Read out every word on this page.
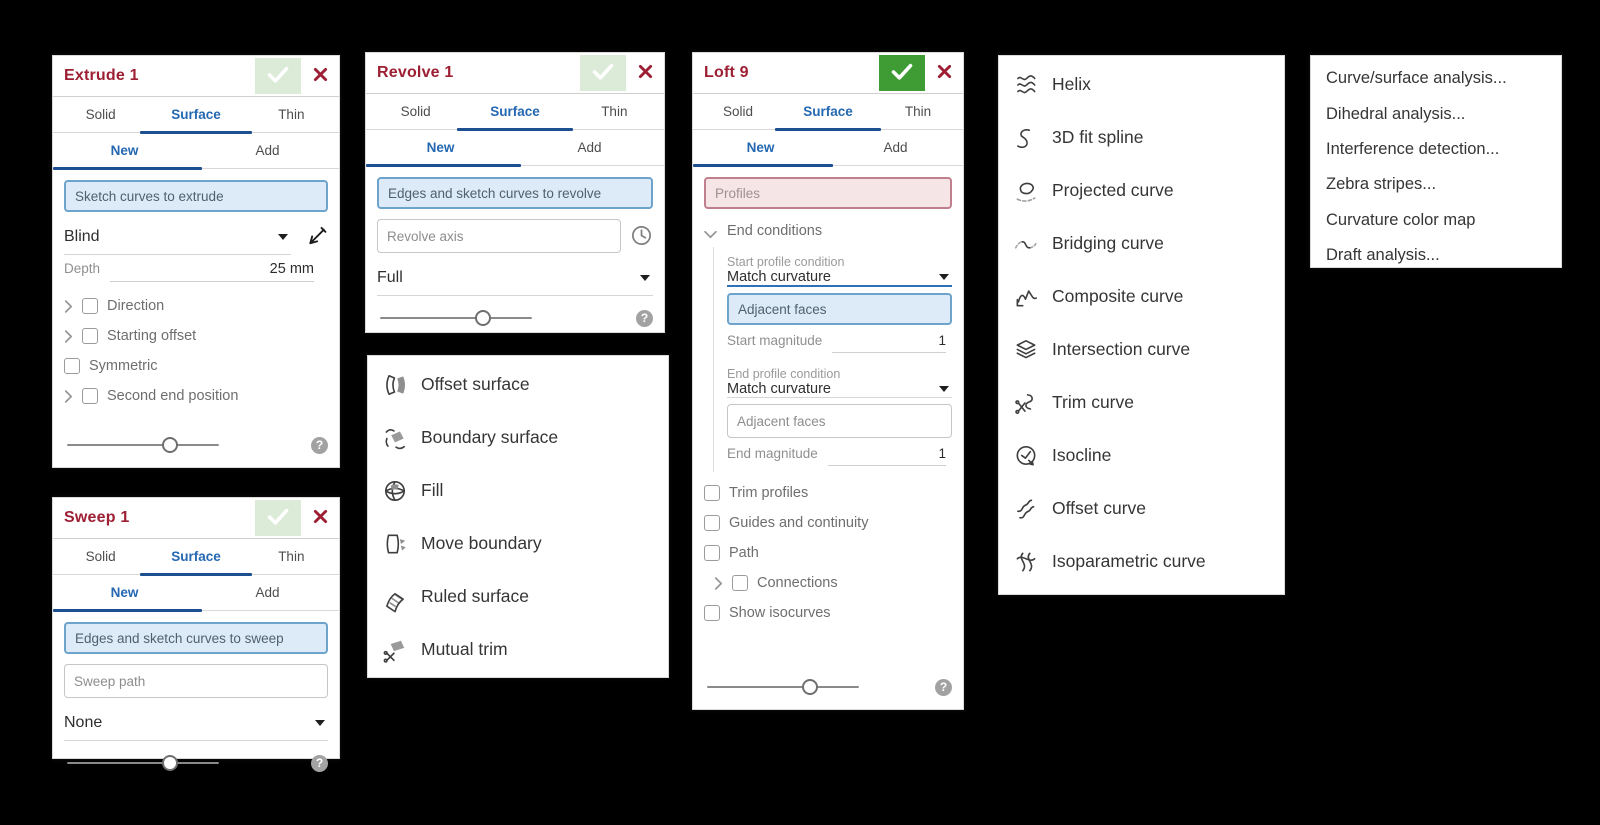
Extrude 1
Solid	Surface	Thin
New	Add
Sketch curves to extrude
Blind
Depth	25 mm
Direction
Starting offset
Symmetric
Second end position
?
Sweep 1
Solid	Surface	Thin
New	Add
Edges and sketch curves to sweep
Sweep path
None
?
Revolve 1
Solid	Surface	Thin
New	Add
Edges and sketch curves to revolve
Revolve axis
Full
?
Offset surface
Boundary surface
Fill
Move boundary
Ruled surface
Mutual trim
Loft 9
Solid	Surface	Thin
New	Add
Profiles
End conditions
Start profile condition
Match curvature
Adjacent faces
Start magnitude	1
End profile condition
Match curvature
Adjacent faces
End magnitude	1
Trim profiles
Guides and continuity
Path
Connections
Show isocurves
?
Helix
3D fit spline
Projected curve
Bridging curve
Composite curve
Intersection curve
Trim curve
Isocline
Offset curve
Isoparametric curve
Curve/surface analysis...
Dihedral analysis...
Interference detection...
Zebra stripes...
Curvature color map
Draft analysis...
